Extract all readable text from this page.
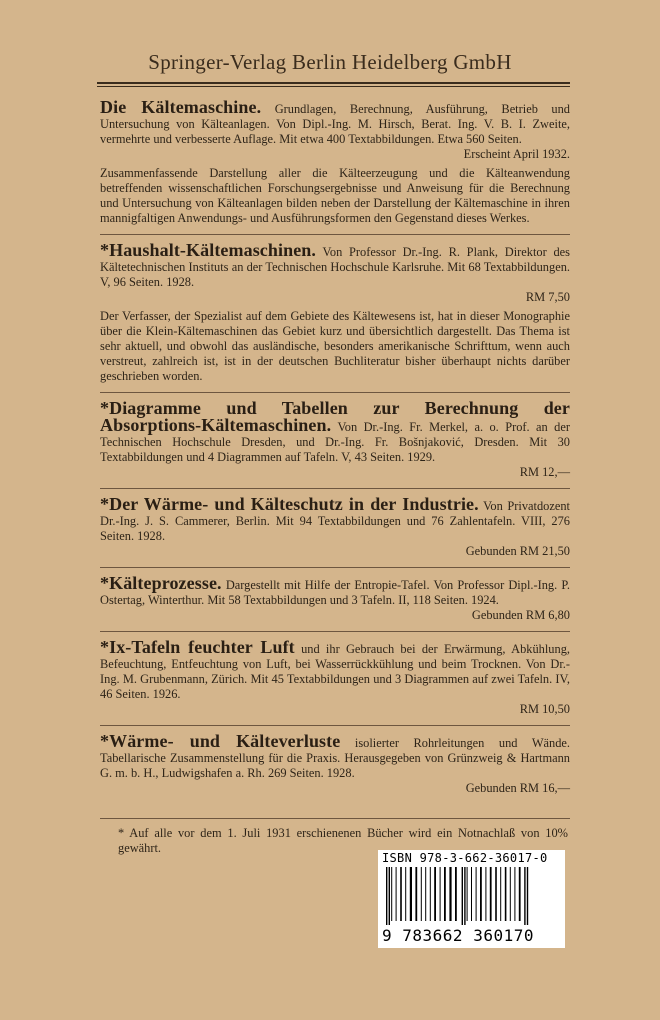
Springer-Verlag Berlin Heidelberg GmbH

Die Kältemaschine. Grundlagen, Berechnung, Ausführung, Betrieb und Untersuchung von Kälteanlagen. Von Dipl.-Ing. M. Hirsch, Berat. Ing. V. B. I. Zweite, vermehrte und verbesserte Auflage. Mit etwa 400 Textabbildungen. Etwa 560 Seiten.

Erscheint April 1932.

Zusammenfassende Darstellung aller die Kälteerzeugung und die Kälteanwendung betreffenden wissenschaftlichen Forschungsergebnisse und Anweisung für die Berechnung und Untersuchung von Kälteanlagen bilden neben der Darstellung der Kältemaschine in ihren mannigfaltigen Anwendungs- und Ausführungsformen den Gegenstand dieses Werkes.

*Haushalt-Kältemaschinen. Von Professor Dr.-Ing. R. Plank, Direktor des Kältetechnischen Instituts an der Technischen Hochschule Karlsruhe. Mit 68 Textabbildungen. V, 96 Seiten. 1928.

RM 7,50

Der Verfasser, der Spezialist auf dem Gebiete des Kältewesens ist, hat in dieser Monographie über die Klein-Kältemaschinen das Gebiet kurz und übersichtlich dargestellt. Das Thema ist sehr aktuell, und obwohl das ausländische, besonders amerikanische Schrifttum, wenn auch verstreut, zahlreich ist, ist in der deutschen Buchliteratur bisher überhaupt nichts darüber geschrieben worden.

*Diagramme und Tabellen zur Berechnung der Absorptions-Kältemaschinen. Von Dr.-Ing. Fr. Merkel, a. o. Prof. an der Technischen Hochschule Dresden, und Dr.-Ing. Fr. Bošnjaković, Dresden. Mit 30 Textabbildungen und 4 Diagrammen auf Tafeln. V, 43 Seiten. 1929.

RM 12,—

*Der Wärme- und Kälteschutz in der Industrie. Von Privatdozent Dr.-Ing. J. S. Cammerer, Berlin. Mit 94 Textabbildungen und 76 Zahlentafeln. VIII, 276 Seiten. 1928.

Gebunden RM 21,50

*Kälteprozesse. Dargestellt mit Hilfe der Entropie-Tafel. Von Professor Dipl.-Ing. P. Ostertag, Winterthur. Mit 58 Textabbildungen und 3 Tafeln. II, 118 Seiten. 1924.

Gebunden RM 6,80

*Ix-Tafeln feuchter Luft und ihr Gebrauch bei der Erwärmung, Abkühlung, Befeuchtung, Entfeuchtung von Luft, bei Wasserrückkühlung und beim Trocknen. Von Dr.-Ing. M. Grubenmann, Zürich. Mit 45 Textabbildungen und 3 Diagrammen auf zwei Tafeln. IV, 46 Seiten. 1926.

RM 10,50

*Wärme- und Kälteverluste isolierter Rohrleitungen und Wände. Tabellarische Zusammenstellung für die Praxis. Herausgegeben von Grünzweig & Hartmann G. m. b. H., Ludwigshafen a. Rh. 269 Seiten. 1928.

Gebunden RM 16,—

* Auf alle vor dem 1. Juli 1931 erschienenen Bücher wird ein Notnachlaß von 10% gewährt.
ISBN 978-3-662-36017-0
9 783662 360170
